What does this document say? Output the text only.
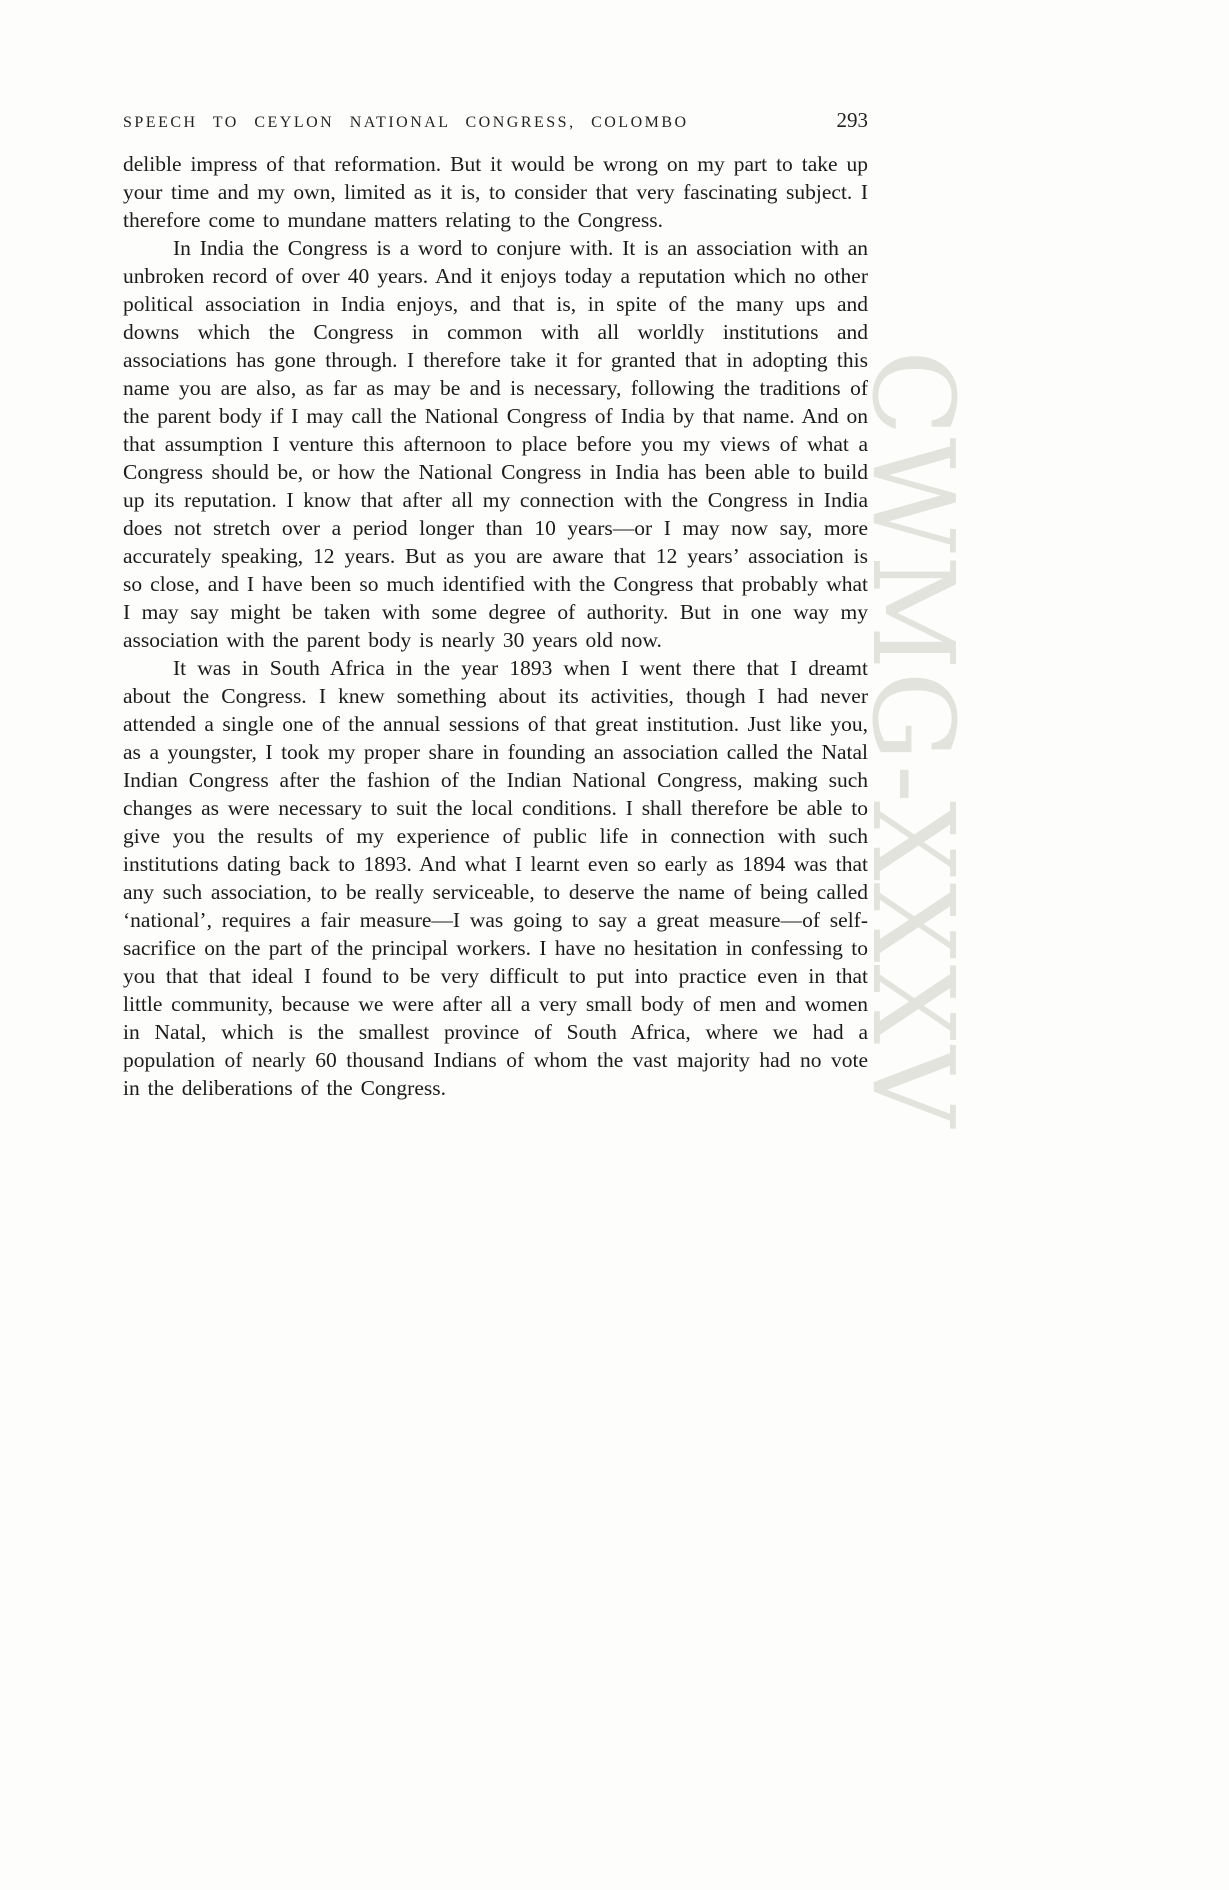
CWMG-XXXV
SPEECH TO CEYLON NATIONAL CONGRESS, COLOMBO	293

delible impress of that reformation. But it would be wrong on my part to take up your time and my own, limited as it is, to consider that very fascinating subject. I therefore come to mundane matters relating to the Congress.

In India the Congress is a word to conjure with. It is an association with an unbroken record of over 40 years. And it enjoys today a reputation which no other political association in India enjoys, and that is, in spite of the many ups and downs which the Congress in common with all worldly institutions and associations has gone through. I therefore take it for granted that in adopting this name you are also, as far as may be and is necessary, following the traditions of the parent body if I may call the National Congress of India by that name. And on that assumption I venture this afternoon to place before you my views of what a Congress should be, or how the National Congress in India has been able to build up its reputation. I know that after all my connection with the Congress in India does not stretch over a period longer than 10 years—or I may now say, more accurately speaking, 12 years. But as you are aware that 12 years’ association is so close, and I have been so much identified with the Congress that probably what I may say might be taken with some degree of authority. But in one way my association with the parent body is nearly 30 years old now.

It was in South Africa in the year 1893 when I went there that I dreamt about the Congress. I knew something about its activities, though I had never attended a single one of the annual sessions of that great institution. Just like you, as a youngster, I took my proper share in founding an association called the Natal Indian Congress after the fashion of the Indian National Congress, making such changes as were necessary to suit the local conditions. I shall therefore be able to give you the results of my experience of public life in connection with such institutions dating back to 1893. And what I learnt even so early as 1894 was that any such association, to be really serviceable, to deserve the name of being called ‘national’, requires a fair measure—I was going to say a great measure—of self-sacrifice on the part of the principal workers. I have no hesitation in confessing to you that that ideal I found to be very difficult to put into practice even in that little community, because we were after all a very small body of men and women in Natal, which is the smallest province of South Africa, where we had a population of nearly 60 thousand Indians of whom the vast majority had no vote in the deliberations of the Congress.
